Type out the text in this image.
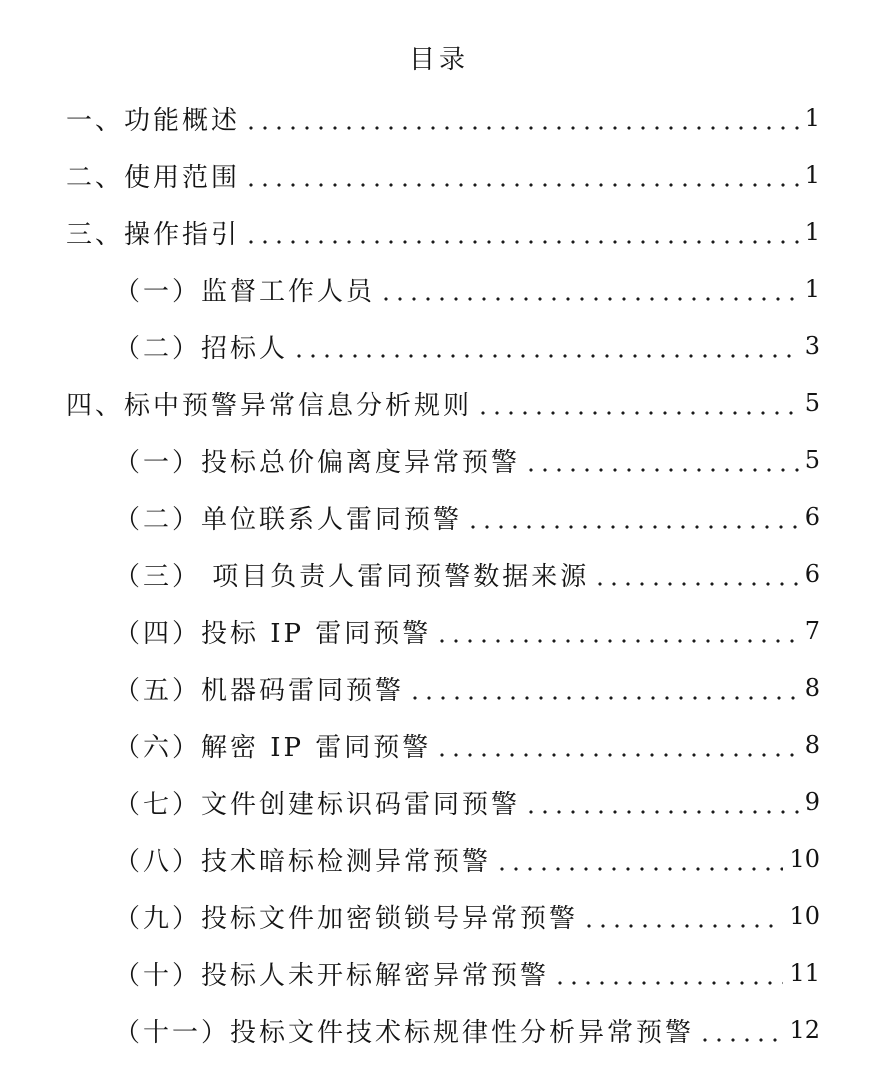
目录
一、功能概述	1
二、使用范围	1
三、操作指引	1
（一）监督工作人员	1
（二）招标人	3
四、标中预警异常信息分析规则	5
（一）投标总价偏离度异常预警	5
（二）单位联系人雷同预警	6
（三） 项目负责人雷同预警数据来源	6
（四）投标 IP 雷同预警	7
（五）机器码雷同预警	8
（六）解密 IP 雷同预警	8
（七）文件创建标识码雷同预警	9
（八）技术暗标检测异常预警	10
（九）投标文件加密锁锁号异常预警	10
（十）投标人未开标解密异常预警	11
（十一）投标文件技术标规律性分析异常预警	12
